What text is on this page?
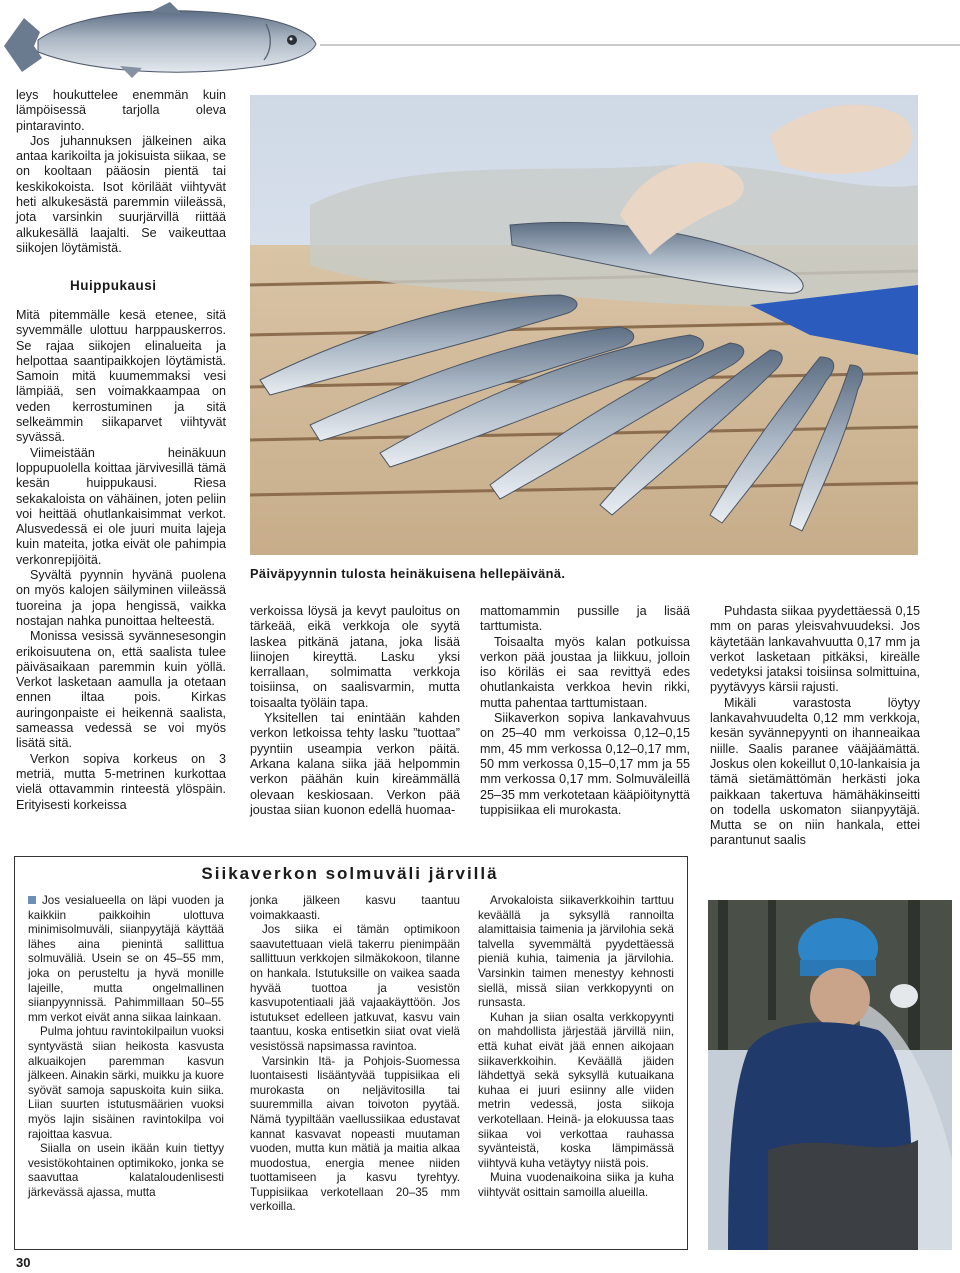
leys houkuttelee enemmän kuin lämpöisessä tarjolla oleva pintaravinto.

Jos juhannuksen jälkeinen aika antaa karikoilta ja jokisuista siikaa, se on kooltaan pääosin pientä tai keskikokoista. Isot köriläät viihtyvät heti alkukesästä paremmin viileässä, jota varsinkin suurjärvillä riittää alkukesällä laajalti. Se vaikeuttaa siikojen löytämistä.

Huippukausi

Mitä pitemmälle kesä etenee, sitä syvemmälle ulottuu harppauskerros. Se rajaa siikojen elinalueita ja helpottaa saantipaikkojen löytämistä. Samoin mitä kuumemmaksi vesi lämpiää, sen voimakkaampaa on veden kerrostuminen ja sitä selkeämmin siikaparvet viihtyvät syvässä.

Viimeistään heinäkuun loppupuolella koittaa järvivesillä tämä kesän huippukausi. Riesa sekakaloista on vähäinen, joten peliin voi heittää ohutlankaisimmat verkot. Alusvedessä ei ole juuri muita lajeja kuin mateita, jotka eivät ole pahimpia verkonrepijöitä.

Syvältä pyynnin hyvänä puolena on myös kalojen säilyminen viileässä tuoreina ja jopa hengissä, vaikka nostajan nahka punoittaa helteestä.

Monissa vesissä syvännesesongin erikoisuutena on, että saalista tulee päiväsaikaan paremmin kuin yöllä. Verkot lasketaan aamulla ja otetaan ennen iltaa pois. Kirkas auringonpaiste ei heikennä saalista, sameassa vedessä se voi myös lisätä sitä.

Verkon sopiva korkeus on 3 metriä, mutta 5-metrinen kurkottaa vielä ottavammin rinteestä ylöspäin. Erityisesti korkeissa

Päiväpyynnin tulosta heinäkuisena hellepäivänä.

verkoissa löysä ja kevyt pauloitus on tärkeää, eikä verkkoja ole syytä laskea pitkänä jatana, joka lisää liinojen kireyttä. Lasku yksi kerrallaan, solmimatta verkkoja toisiinsa, on saalisvarmin, mutta toisaalta työläin tapa.

Yksitellen tai enintään kahden verkon letkoissa tehty lasku ”tuottaa” pyyntiin useampia verkon päitä. Arkana kalana siika jää helpommin verkon päähän kuin kireämmällä olevaan keskiosaan. Verkon pää joustaa siian kuonon edellä huomaa-

mattomammin pussille ja lisää tarttumista.

Toisaalta myös kalan potkuissa verkon pää joustaa ja liikkuu, jolloin iso köriläs ei saa revittyä edes ohutlankaista verkkoa hevin rikki, mutta pahentaa tarttumistaan.

Siikaverkon sopiva lankavahvuus on 25–40 mm verkoissa 0,12–0,15 mm, 45 mm verkossa 0,12–0,17 mm, 50 mm verkossa 0,15–0,17 mm ja 55 mm verkossa 0,17 mm. Solmuväleillä 25–35 mm verkotetaan kääpiöitynyttä tuppisiikaa eli murokasta.

Puhdasta siikaa pyydettäessä 0,15 mm on paras yleisvahvuudeksi. Jos käytetään lankavahvuutta 0,17 mm ja verkot lasketaan pitkäksi, kireälle vedetyksi jataksi toisiinsa solmittuina, pyytävyys kärsii rajusti.

Mikäli varastosta löytyy lankavahvuudelta 0,12 mm verkkoja, kesän syvännepyynti on ihanneaikaa niille. Saalis paranee vääjäämättä. Joskus olen kokeillut 0,10-lankaisia ja tämä sietämättömän herkästi joka paikkaan takertuva hämähäkinseitti on todella uskomaton siianpyytäjä. Mutta se on niin hankala, ettei parantunut saalis

Siikaverkon solmuväli järvillä

Jos vesialueella on läpi vuoden ja kaikkiin paikkoihin ulottuva minimisolmuväli, siianpyytäjä käyttää lähes aina pienintä sallittua solmuväliä. Usein se on 45–55 mm, joka on perusteltu ja hyvä monille lajeille, mutta ongelmallinen siianpyynnissä. Pahimmillaan 50–55 mm verkot eivät anna siikaa lainkaan.

Pulma johtuu ravintokilpailun vuoksi syntyvästä siian heikosta kasvusta alkuaikojen paremman kasvun jälkeen. Ainakin särki, muikku ja kuore syövät samoja sapuskoita kuin siika. Liian suurten istutusmäärien vuoksi myös lajin sisäinen ravintokilpa voi rajoittaa kasvua.

Siialla on usein ikään kuin tiettyy vesistökohtainen optimikoko, jonka se saavuttaa kalataloudenlisesti järkevässä ajassa, mutta

jonka jälkeen kasvu taantuu voimakkaasti.

Jos siika ei tämän optimikoon saavutettuaan vielä takerru pienimpään sallittuun verkkojen silmäkokoon, tilanne on hankala. Istutuksille on vaikea saada hyvää tuottoa ja vesistön kasvupotentiaali jää vajaakäyttöön. Jos istutukset edelleen jatkuvat, kasvu vain taantuu, koska entisetkin siiat ovat vielä vesistössä napsimassa ravintoa.

Varsinkin Itä- ja Pohjois-Suomessa luontaisesti lisääntyvää tuppisiikaa eli murokasta on neljävitosilla tai suuremmilla aivan toivoton pyytää. Nämä tyypiltään vaellussiikaa edustavat kannat kasvavat nopeasti muutaman vuoden, mutta kun mätiä ja maitia alkaa muodostua, energia menee niiden tuottamiseen ja kasvu tyrehtyy. Tuppisiikaa verkotellaan 20–35 mm verkoilla.

Arvokaloista siikaverkkoihin tarttuu keväällä ja syksyllä rannoilta alamittaisia taimenia ja järvilohia sekä talvella syvemmältä pyydettäessä pieniä kuhia, taimenia ja järvilohia. Varsinkin taimen menestyy kehnosti siellä, missä siian verkkopyynti on runsasta.

Kuhan ja siian osalta verkkopyynti on mahdollista järjestää järvillä niin, että kuhat eivät jää ennen aikojaan siikaverkkoihin. Keväällä jäiden lähdettyä sekä syksyllä kutuaikana kuhaa ei juuri esiinny alle viiden metrin vedessä, josta siikoja verkotellaan. Heinä- ja elokuussa taas siikaa voi verkottaa rauhassa syvänteistä, koska lämpimässä viihtyvä kuha vetäytyy niistä pois.

Muina vuodenaikoina siika ja kuha viihtyvät osittain samoilla alueilla.

30
